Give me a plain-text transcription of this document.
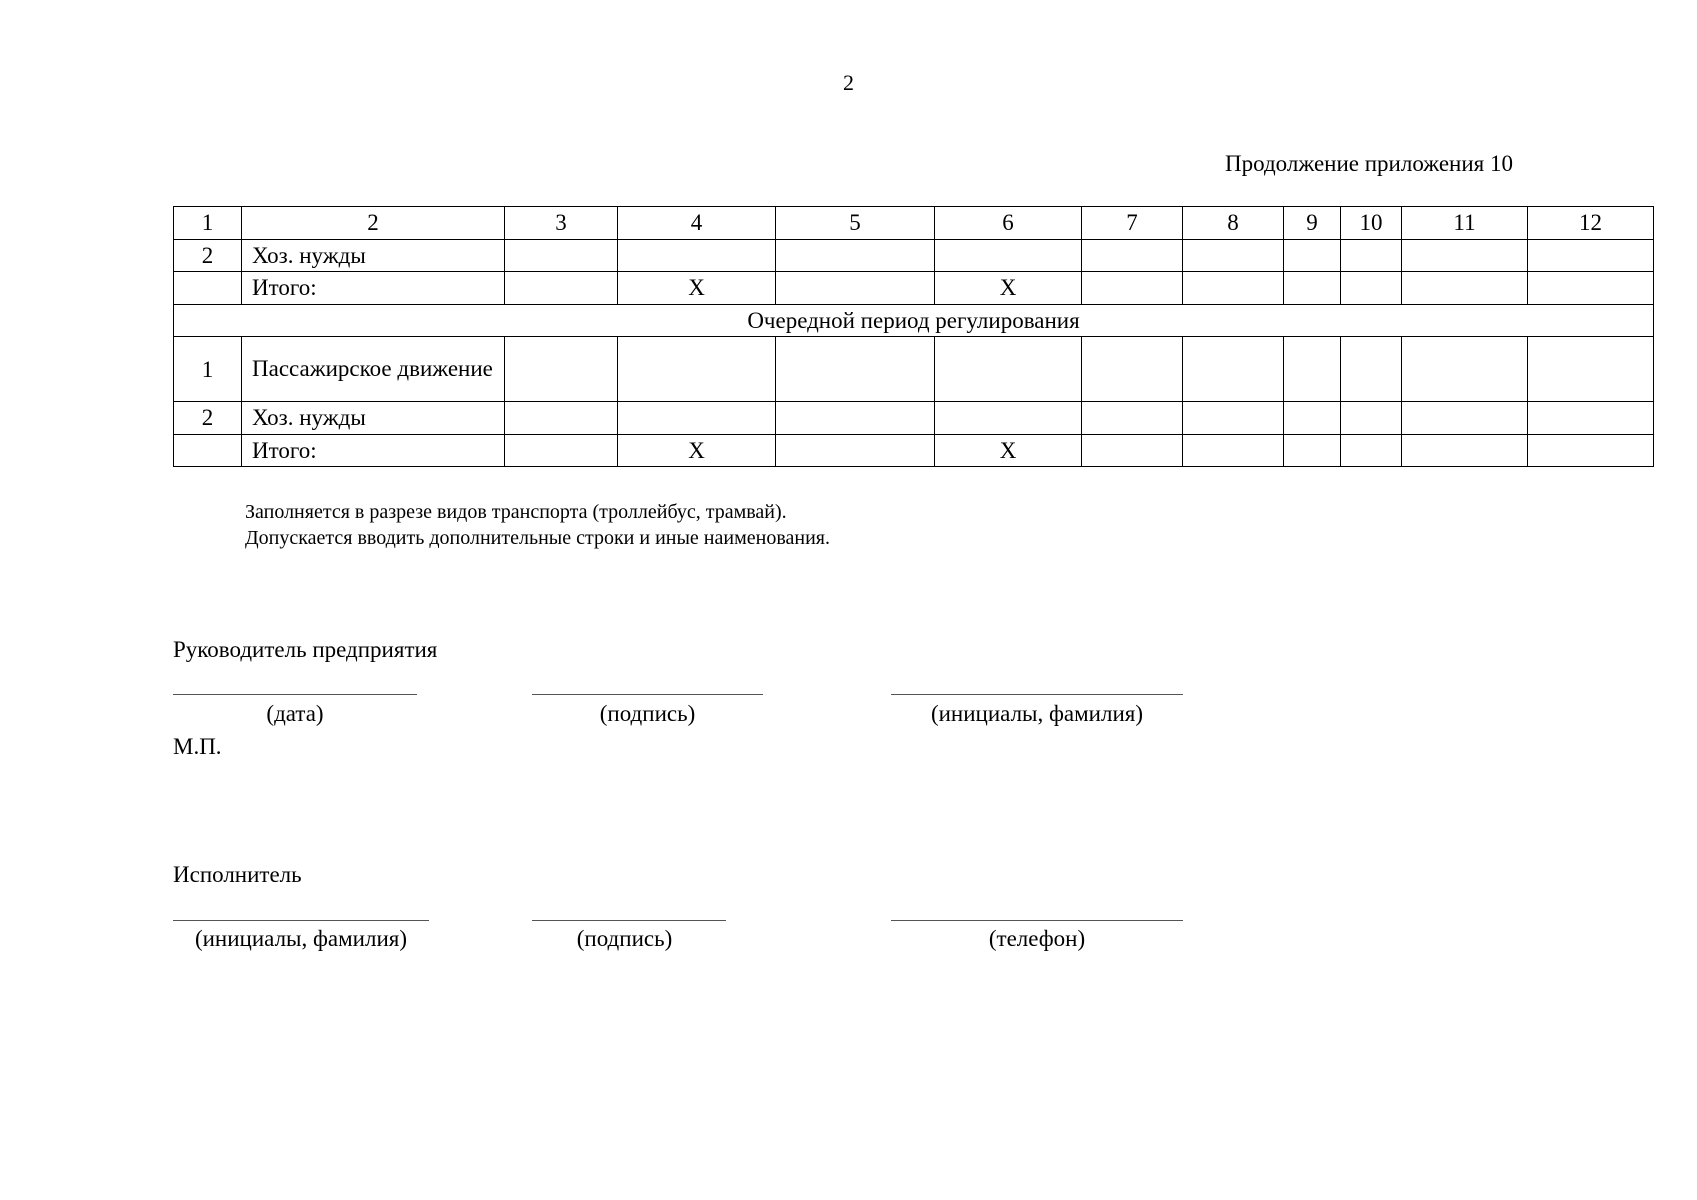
2
Продолжение приложения 10
1	2	3	4	5	6	7	8	9	10	11	12
2	Хоз. нужды										
	Итого:		X		X						
Очередной период регулирования											
1	Пассажирское движение										
2	Хоз. нужды										
	Итого:		X		X						
Заполняется в разрезе видов транспорта (троллейбус, трамвай).
Допускается вводить дополнительные строки и иные наименования.
Руководитель предприятия
(дата)	(подпись)	(инициалы, фамилия)
М.П.
Исполнитель
(инициалы, фамилия)	(подпись)	(телефон)
